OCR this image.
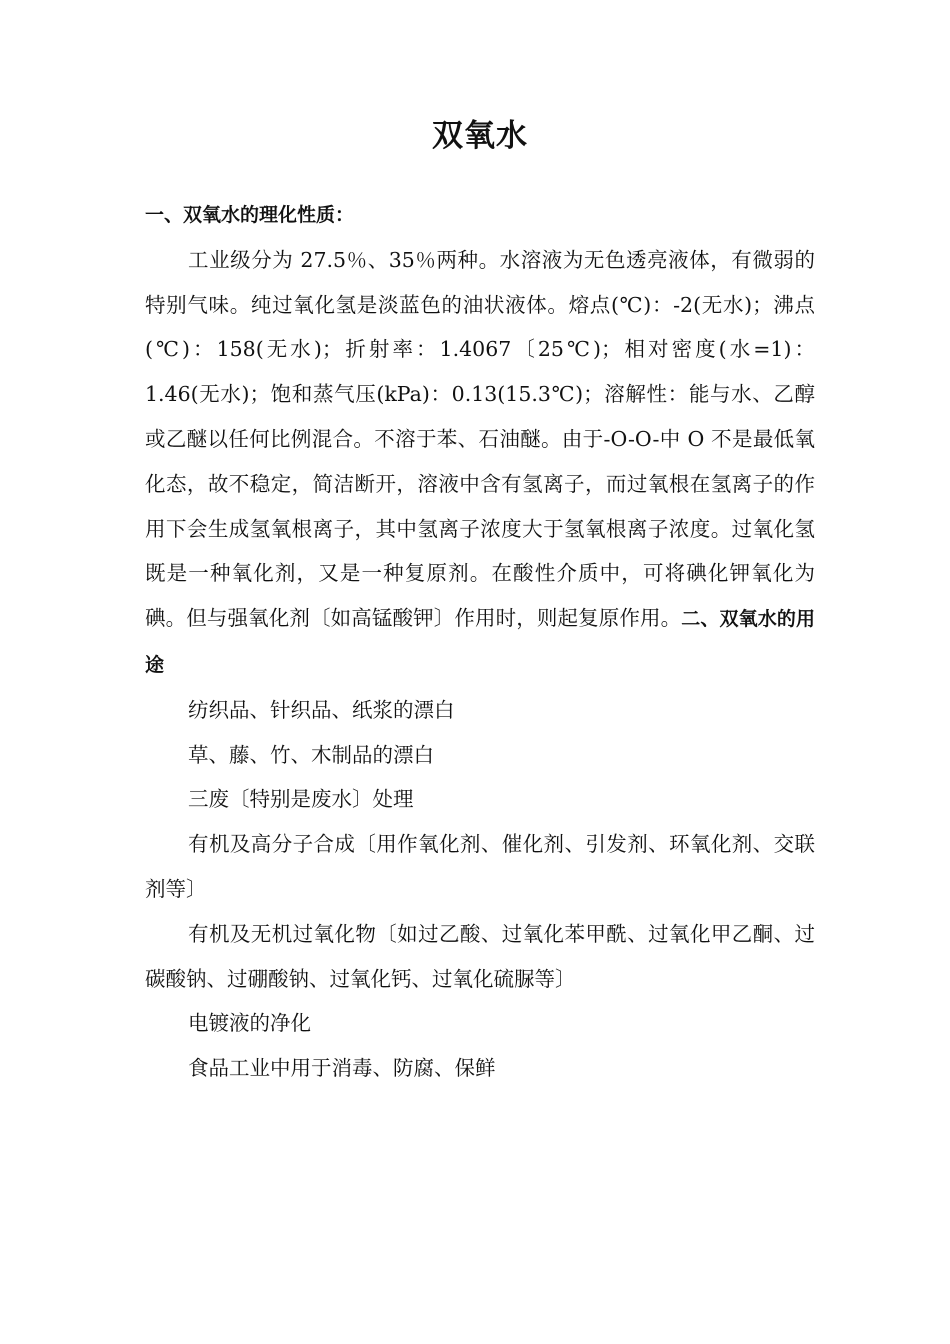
双氧水

一、双氧水的理化性质：

工业级分为 27.5％、35％两种。水溶液为无色透亮液体，有微弱的特别气味。纯过氧化氢是淡蓝色的油状液体。熔点(℃)：-2(无水)；沸点(℃)：158(无水)；折射率：1.4067〔25℃)；相对密度(水=1)：1.46(无水)；饱和蒸气压(kPa)：0.13(15.3℃)；溶解性：能与水、乙醇或乙醚以任何比例混合。不溶于苯、石油醚。由于-O-O-中 O 不是最低氧化态，故不稳定，简洁断开，溶液中含有氢离子，而过氧根在氢离子的作用下会生成氢氧根离子，其中氢离子浓度大于氢氧根离子浓度。过氧化氢既是一种氧化剂，又是一种复原剂。在酸性介质中，可将碘化钾氧化为碘。但与强氧化剂〔如高锰酸钾〕作用时，则起复原作用。二、双氧水的用途

纺织品、针织品、纸浆的漂白

草、藤、竹、木制品的漂白

三废〔特别是废水〕处理

有机及高分子合成〔用作氧化剂、催化剂、引发剂、环氧化剂、交联剂等〕

有机及无机过氧化物〔如过乙酸、过氧化苯甲酰、过氧化甲乙酮、过碳酸钠、过硼酸钠、过氧化钙、过氧化硫脲等〕

电镀液的净化

食品工业中用于消毒、防腐、保鲜
